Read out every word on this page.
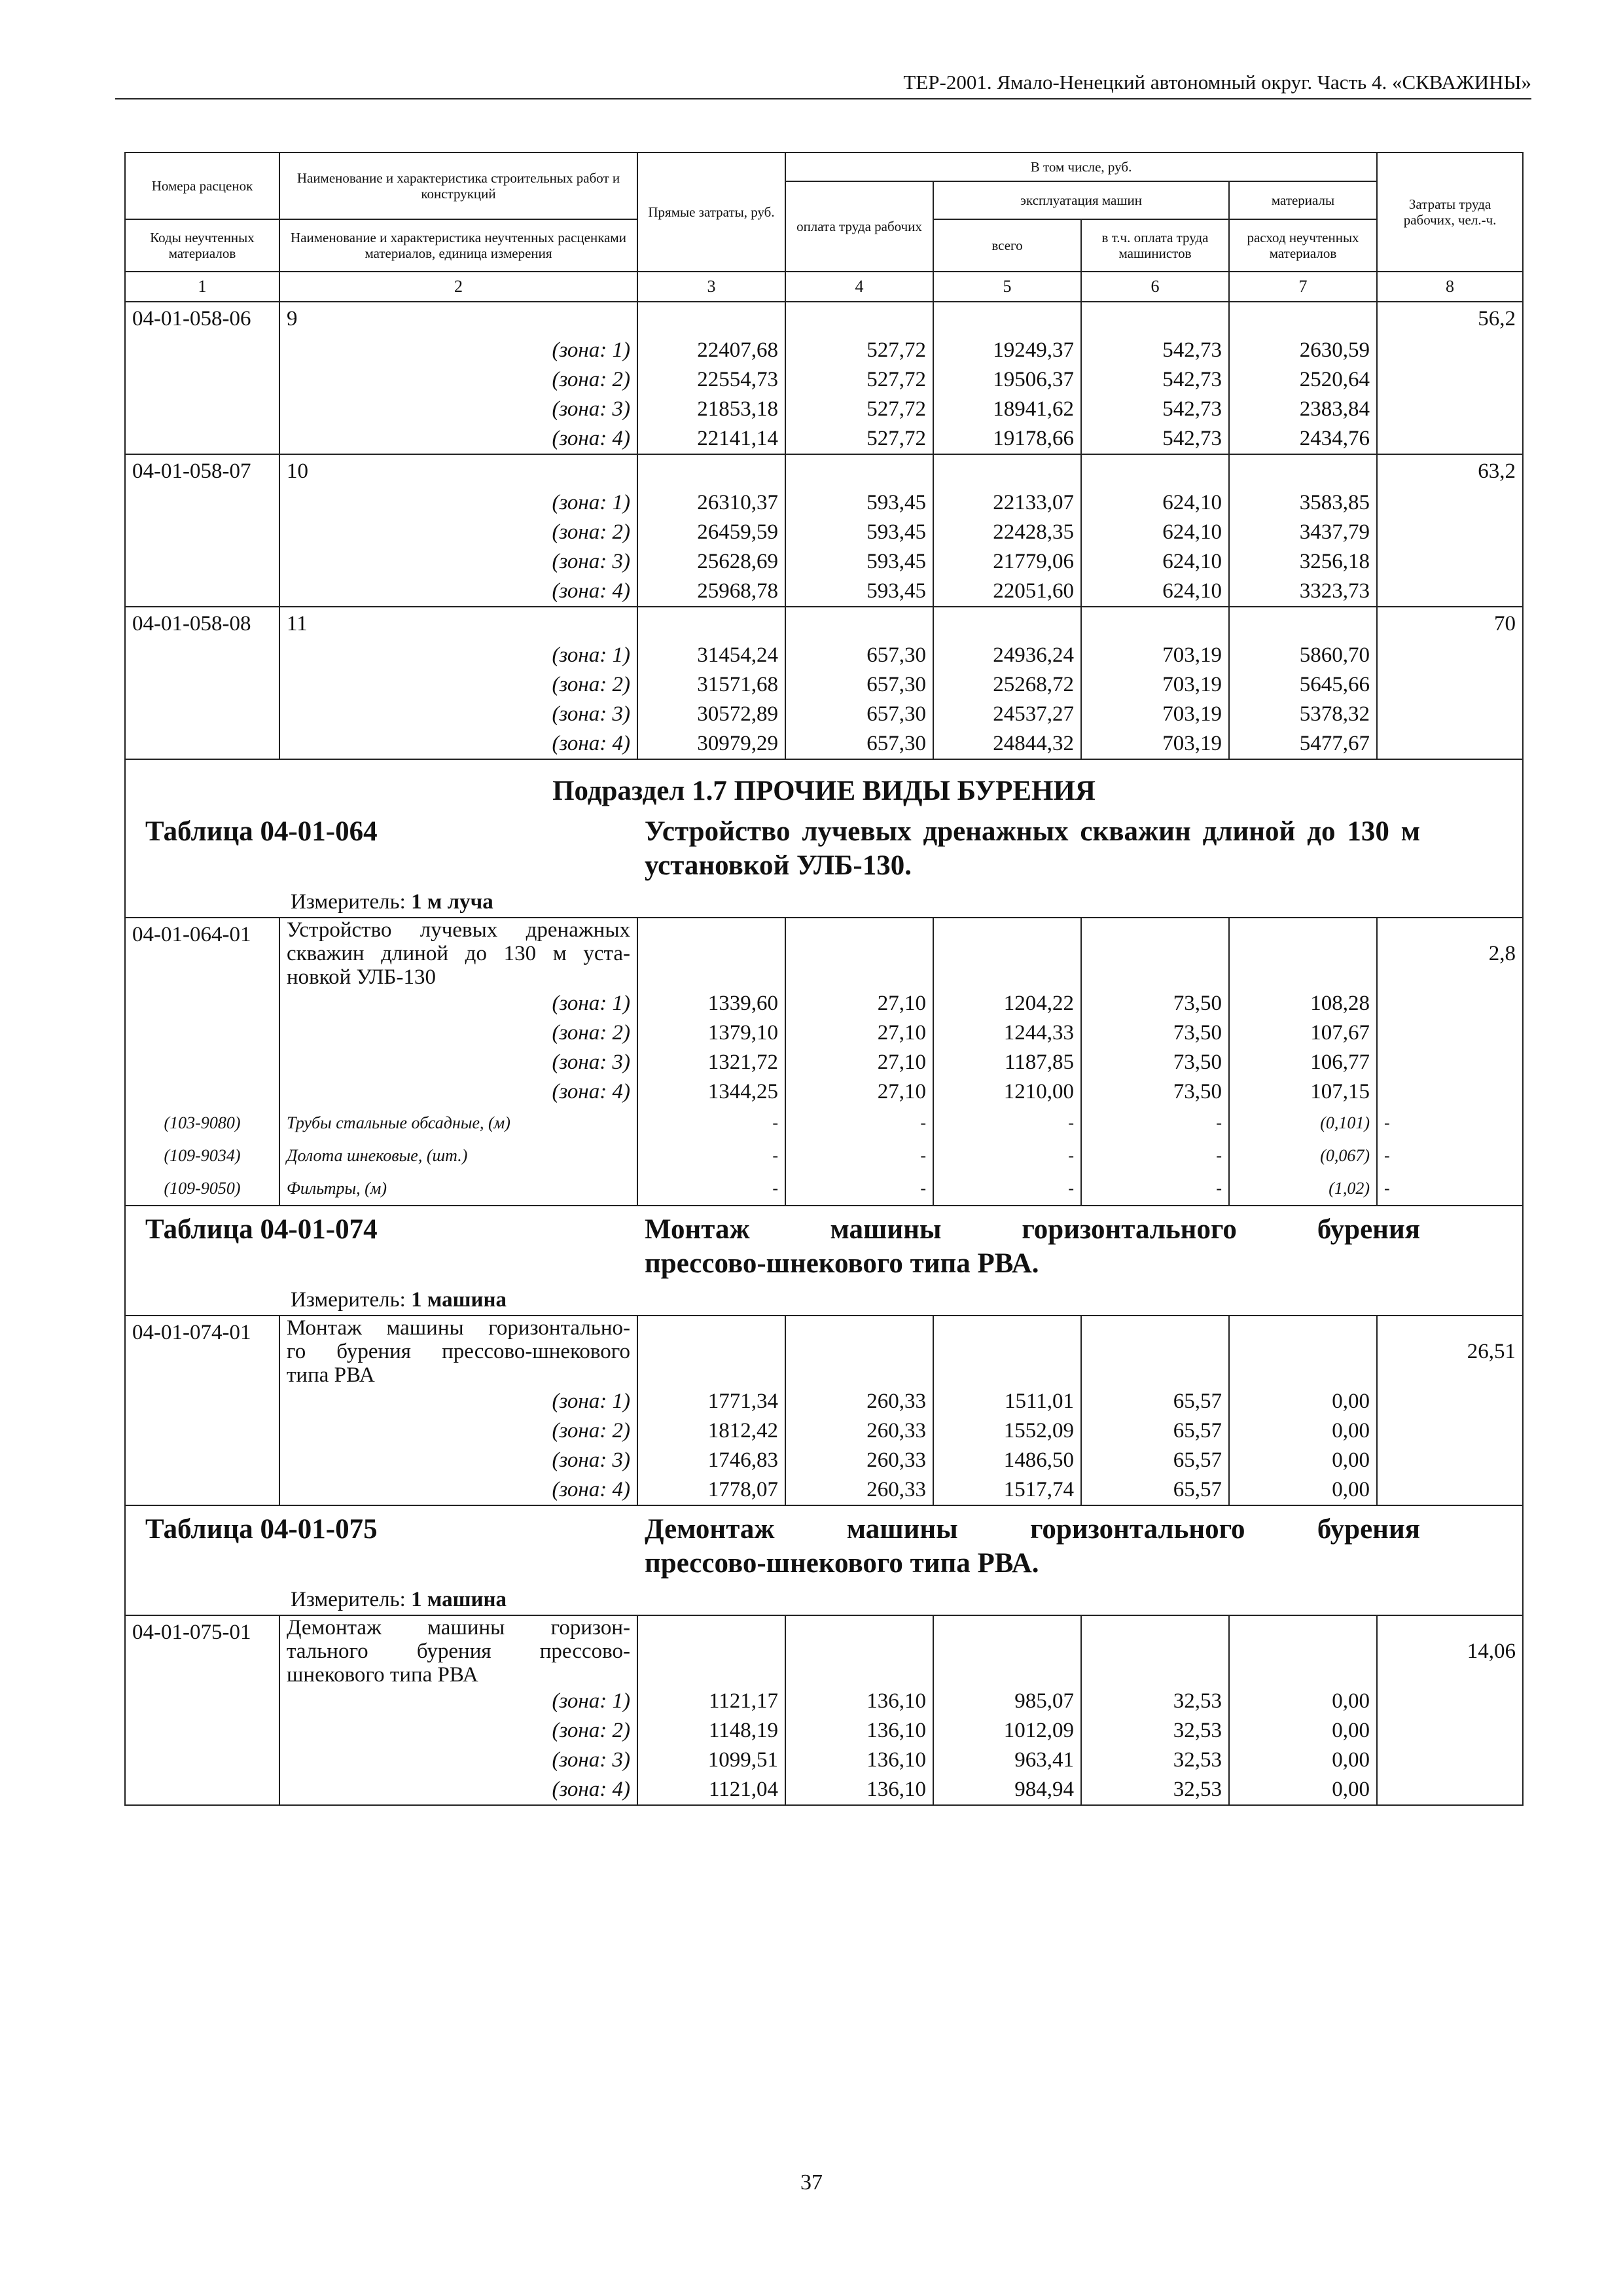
ТЕР-2001. Ямало-Ненецкий автономный округ. Часть 4. «СКВАЖИНЫ»
Номера расценок	Наименование и характеристика строительных работ и конструкций	Прямые затраты, руб.	В том числе, руб.				Затраты труда рабочих, чел.-ч.
			оплата труда рабочих	эксплуатация машин		материалы	
Коды неучтенных материалов	Наименование и характеристика неучтенных расценками материалов, единица измерения			всего	в т.ч. оплата труда машинистов	расход неучтенных материалов	

1	2	3	4	5	6	7	8
04-01-058-06	9						56,2
	(зона: 1)	22407,68	527,72	19249,37	542,73	2630,59	
	(зона: 2)	22554,73	527,72	19506,37	542,73	2520,64	
	(зона: 3)	21853,18	527,72	18941,62	542,73	2383,84	
	(зона: 4)	22141,14	527,72	19178,66	542,73	2434,76	
04-01-058-07	10						63,2
	(зона: 1)	26310,37	593,45	22133,07	624,10	3583,85	
	(зона: 2)	26459,59	593,45	22428,35	624,10	3437,79	
	(зона: 3)	25628,69	593,45	21779,06	624,10	3256,18	
	(зона: 4)	25968,78	593,45	22051,60	624,10	3323,73	
04-01-058-08	11						70
	(зона: 1)	31454,24	657,30	24936,24	703,19	5860,70	
	(зона: 2)	31571,68	657,30	25268,72	703,19	5645,66	
	(зона: 3)	30572,89	657,30	24537,27	703,19	5378,32	
	(зона: 4)	30979,29	657,30	24844,32	703,19	5477,67	
Подраздел 1.7 ПРОЧИЕ ВИДЫ БУРЕНИЯ							

Таблица 04-01-064 Устройство лучевых дренажных скважин длиной до 130 м установкой УЛБ-130.
Измеритель: 1 м луча							

04-01-064-01	Устройство лучевых дренажных
скважин длиной до 130 м уста-
новкой УЛБ-130						2,8
	(зона: 1)	1339,60	27,10	1204,22	73,50	108,28	
	(зона: 2)	1379,10	27,10	1244,33	73,50	107,67	
	(зона: 3)	1321,72	27,10	1187,85	73,50	106,77	
	(зона: 4)	1344,25	27,10	1210,00	73,50	107,15	
(103-9080)	Трубы стальные обсадные, (м)	-	-	-	-	(0,101)	-
(109-9034)	Долота шнековые, (шт.)	-	-	-	-	(0,067)	-
(109-9050)	Фильтры, (м)	-	-	-	-	(1,02)	-

Таблица 04-01-074 Монтаж машины горизонтального бурения
прессово-шнекового типа РВА.
Измеритель: 1 машина							

04-01-074-01	Монтаж машины горизонтально-
го бурения прессово-шнекового
типа РВА						26,51
	(зона: 1)	1771,34	260,33	1511,01	65,57	0,00	
	(зона: 2)	1812,42	260,33	1552,09	65,57	0,00	
	(зона: 3)	1746,83	260,33	1486,50	65,57	0,00	
	(зона: 4)	1778,07	260,33	1517,74	65,57	0,00	

Таблица 04-01-075 Демонтаж машины горизонтального бурения
прессово-шнекового типа РВА.
Измеритель: 1 машина							

04-01-075-01	Демонтаж машины горизон-
тального бурения прессово-
шнекового типа РВА						14,06
	(зона: 1)	1121,17	136,10	985,07	32,53	0,00	
	(зона: 2)	1148,19	136,10	1012,09	32,53	0,00	
	(зона: 3)	1099,51	136,10	963,41	32,53	0,00	
	(зона: 4)	1121,04	136,10	984,94	32,53	0,00	
37
